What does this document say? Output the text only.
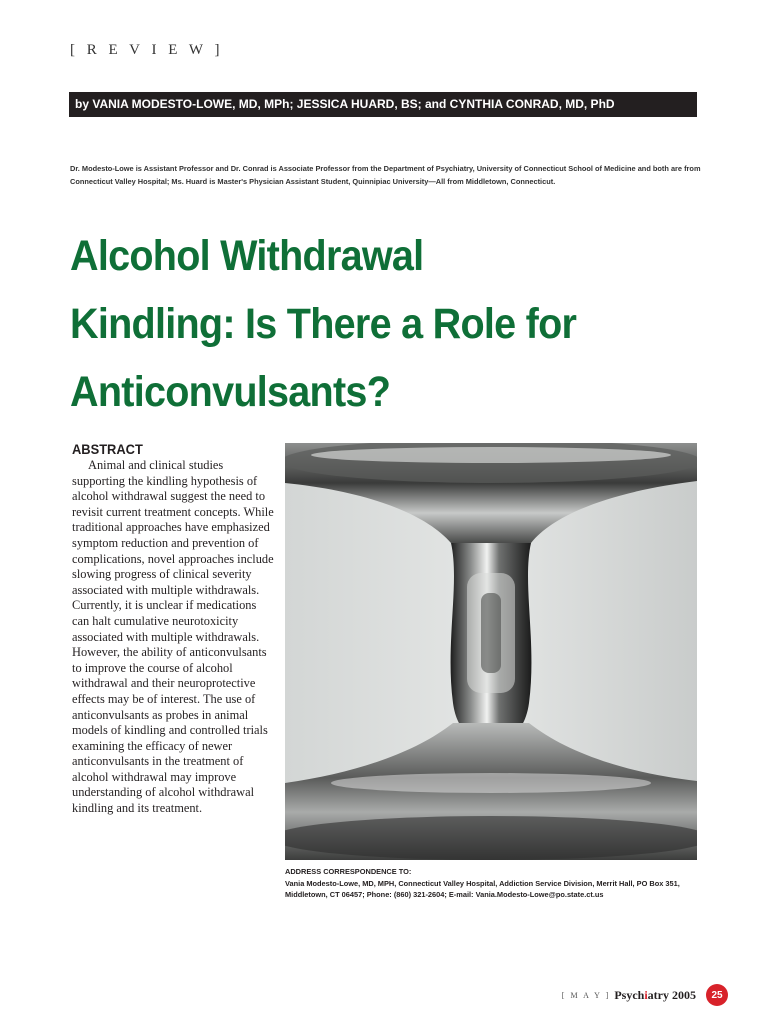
[ R E V I E W ]
by VANIA MODESTO-LOWE, MD, MPh; JESSICA HUARD, BS; and CYNTHIA CONRAD, MD, PhD
Dr. Modesto-Lowe is Assistant Professor and Dr. Conrad is Associate Professor from the Department of Psychiatry, University of Connecticut School of Medicine and both are from Connecticut Valley Hospital; Ms. Huard is Master's Physician Assistant Student, Quinnipiac University—All from Middletown, Connecticut.
Alcohol Withdrawal
Kindling: Is There a Role for
Anticonvulsants?
ABSTRACT

Animal and clinical studies supporting the kindling hypothesis of alcohol withdrawal suggest the need to revisit current treatment concepts. While traditional approaches have emphasized symptom reduction and prevention of complications, novel approaches include slowing progress of clinical severity associated with multiple withdrawals. Currently, it is unclear if medications can halt cumulative neurotoxicity associated with multiple withdrawals. However, the ability of anticonvulsants to improve the course of alcohol withdrawal and their neuroprotective effects may be of interest. The use of anticonvulsants as probes in animal models of kindling and controlled trials examining the efficacy of newer anticonvulsants in the treatment of alcohol withdrawal may improve understanding of alcohol withdrawal kindling and its treatment.

ADDRESS CORRESPONDENCE TO:
Vania Modesto-Lowe, MD, MPH, Connecticut Valley Hospital, Addiction Service Division, Merrit Hall, PO Box 351, Middletown, CT 06457; Phone: (860) 321-2604; E-mail: Vania.Modesto-Lowe@po.state.ct.us
[ M A Y ] Psychiatry 2005	25
